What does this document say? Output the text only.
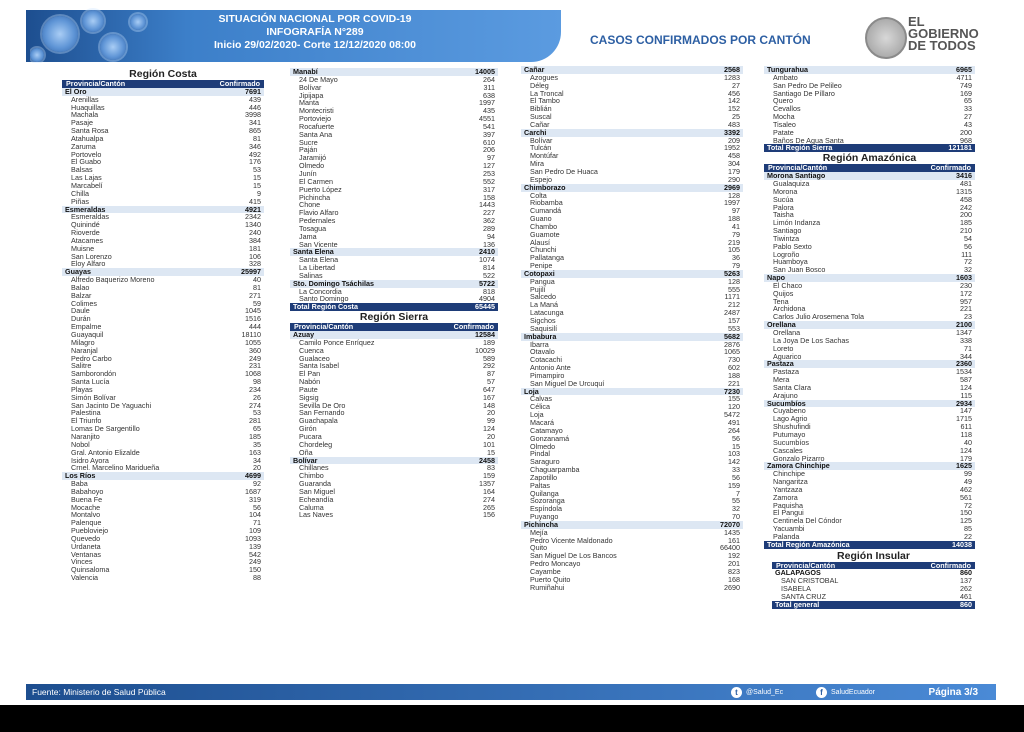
SITUACIÓN NACIONAL POR COVID-19
INFOGRAFÍA N°289
Inicio 29/02/2020- Corte 12/12/2020 08:00	CASOS CONFIRMADOS POR CANTÓN
EL
GOBIERNO
DE TODOS
Región Costa
Provincia/Cantón	Confirmado
El Oro	7691
Arenillas	439
Huaquillas	446
Machala	3998
Pasaje	341
Santa Rosa	865
Atahualpa	81
Zaruma	346
Portovelo	492
El Guabo	176
Balsas	53
Las Lajas	15
Marcabelí	15
Chilla	9
Piñas	415
Esmeraldas	4921
Esmeraldas	2342
Quinindé	1340
Rioverde	240
Atacames	384
Muisne	181
San Lorenzo	106
Eloy Alfaro	328
Guayas	25997
Alfredo Baquerizo Moreno	40
Balao	81
Balzar	271
Colimes	59
Daule	1045
Durán	1516
Empalme	444
Guayaquil	18110
Milagro	1055
Naranjal	360
Pedro Carbo	249
Salitre	231
Samborondón	1068
Santa Lucía	98
Playas	234
Simón Bolívar	26
San Jacinto De Yaguachi	274
Palestina	53
El Triunfo	281
Lomas De Sargentillo	65
Naranjito	185
Nobol	35
Gral. Antonio Elizalde	163
Isidro Ayora	34
Crnel. Marcelino Maridueña	20
Los Ríos	4699
Baba	92
Babahoyo	1687
Buena Fe	319
Mocache	56
Montalvo	104
Palenque	71
Puebloviejo	109
Quevedo	1093
Urdaneta	139
Ventanas	542
Vinces	249
Quinsaloma	150
Valencia	88
Manabí	14005
24 De Mayo	264
Bolívar	311
Jipijapa	638
Manta	1997
Montecristi	435
Portoviejo	4551
Rocafuerte	541
Santa Ana	397
Sucre	610
Paján	206
Jaramijó	97
Olmedo	127
Junín	253
El Carmen	552
Puerto López	317
Pichincha	158
Chone	1443
Flavio Alfaro	227
Pedernales	362
Tosagua	289
Jama	94
San Vicente	136
Santa Elena	2410
Santa Elena	1074
La Libertad	814
Salinas	522
Sto. Domingo Tsáchilas	5722
La Concordia	818
Santo Domingo	4904
Total Región Costa	65445
Región Sierra
Provincia/Cantón	Confirmado
Azuay	12584
Camilo Ponce Enríquez	189
Cuenca	10029
Gualaceo	589
Santa Isabel	292
El Pan	87
Nabón	57
Paute	647
Sigsig	167
Sevilla De Oro	148
San Fernando	20
Guachapala	99
Girón	124
Pucara	20
Chordeleg	101
Oña	15
Bolívar	2458
Chillanes	83
Chimbo	159
Guaranda	1357
San Miguel	164
Echeandía	274
Caluma	265
Las Naves	156
Cañar	2568
Azogues	1283
Déleg	27
La Troncal	456
El Tambo	142
Biblián	152
Suscal	25
Cañar	483
Carchi	3392
Bolívar	209
Tulcán	1952
Montúfar	458
Mira	304
San Pedro De Huaca	179
Espejo	290
Chimborazo	2969
Colta	128
Riobamba	1997
Cumandá	97
Guano	188
Chambo	41
Guamote	79
Alausí	219
Chunchi	105
Pallatanga	36
Penipe	79
Cotopaxi	5263
Pangua	128
Pujilí	555
Salcedo	1171
La Maná	212
Latacunga	2487
Sigchos	157
Saquisilí	553
Imbabura	5682
Ibarra	2876
Otavalo	1065
Cotacachi	730
Antonio Ante	602
Pimampiro	188
San Miguel De Urcuquí	221
Loja	7230
Calvas	155
Célica	120
Loja	5472
Macará	491
Catamayo	264
Gonzanamá	56
Olmedo	15
Pindal	103
Saraguro	142
Chaguarpamba	33
Zapotillo	56
Paltas	159
Quilanga	7
Sozoranga	55
Espíndola	32
Puyango	70
Pichincha	72070
Mejía	1435
Pedro Vicente Maldonado	161
Quito	66400
San Miguel De Los Bancos	192
Pedro Moncayo	201
Cayambe	823
Puerto Quito	168
Rumiñahui	2690
Tungurahua	6965
Ambato	4711
San Pedro De Pelileo	749
Santiago De Píllaro	169
Quero	65
Cevallos	33
Mocha	27
Tisaleo	43
Patate	200
Baños De Agua Santa	968
Total Región Sierra	121181
Región Amazónica
Provincia/Cantón	Confirmado
Morona Santiago	3416
Gualaquiza	481
Morona	1315
Sucúa	458
Palora	242
Taisha	200
Limón Indanza	185
Santiago	210
Tiwintza	54
Pablo Sexto	56
Logroño	111
Huamboya	72
San Juan Bosco	32
Napo	1603
El Chaco	230
Quijos	172
Tena	957
Archidona	221
Carlos Julio Arosemena Tola	23
Orellana	2100
Orellana	1347
La Joya De Los Sachas	338
Loreto	71
Aguarico	344
Pastaza	2360
Pastaza	1534
Mera	587
Santa Clara	124
Arajuno	115
Sucumbíos	2934
Cuyabeno	147
Lago Agrio	1715
Shushufindi	611
Putumayo	118
Sucumbíos	40
Cascales	124
Gonzalo Pizarro	179
Zamora Chinchipe	1625
Chinchipe	99
Nangaritza	49
Yantzaza	462
Zamora	561
Paquisha	72
El Pangui	150
Centinela Del Cóndor	125
Yacuambi	85
Palanda	22
Total Región Amazónica	14038
Región Insular
Provincia/Cantón	Confirmado
GALAPAGOS	860
SAN CRISTOBAL	137
ISABELA	262
SANTA CRUZ	461
Total general	860
Fuente: Ministerio de Salud Pública	t	@Salud_Ec	f	SaludEcuador	Página 3/3
